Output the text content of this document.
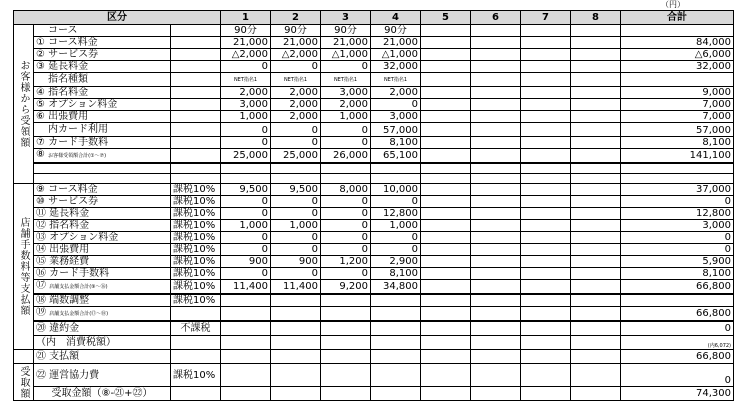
（円）
区分			1	2	3	4	5	6	7	8	合計
お客様から受領額	コース		90分	90分	90分	90分					
	① コース料金		21,000	21,000	21,000	21,000					84,000
	② サービス券		△2,000	△2,000	△1,000	△1,000					△6,000
	③ 延長料金		0	0	0	32,000					32,000
	指名種類		NET指名1	NET指名1	NET指名1	NET指名1					
	④ 指名料金		2,000	2,000	3,000	2,000					9,000
	⑤ オプション料金		3,000	2,000	2,000	0					7,000
	⑥ 出張費用		1,000	2,000	1,000	3,000					7,000
	内カード利用		0	0	0	57,000					57,000
	⑦ カード手数料		0	0	0	8,100					8,100
	⑧ お客様受領額合計(①～⑦)		25,000	25,000	26,000	65,100					141,100

店舗手数料等支払額	⑨ コース料金	課税10%	9,500	9,500	8,000	10,000					37,000
	⑩ サービス券	課税10%	0	0	0	0					0
	⑪ 延長料金	課税10%	0	0	0	12,800					12,800
	⑫ 指名料金	課税10%	1,000	1,000	0	1,000					3,000
	⑬ オプション料金	課税10%	0	0	0	0					0
	⑭ 出張費用	課税10%	0	0	0	0					0
	⑮ 業務経費	課税10%	900	900	1,200	2,900					5,900
	⑯ カード手数料	課税10%	0	0	0	8,100					8,100
	⑰ 店舗支払金額合計(⑨～⑯)	課税10%	11,400	11,400	9,200	34,800					66,800
	⑱ 端数調整	課税10%									
	⑲ 店舗支払金額合計(⑰～⑱)										66,800
	⑳ 違約金	不課税									0
	（内　消費税額）										(内6,072)

	㉑ 支払額										66,800
受取額	㉒ 運営協力費	課税10%									0
	受取金額（⑧-㉑+㉒）										74,300
